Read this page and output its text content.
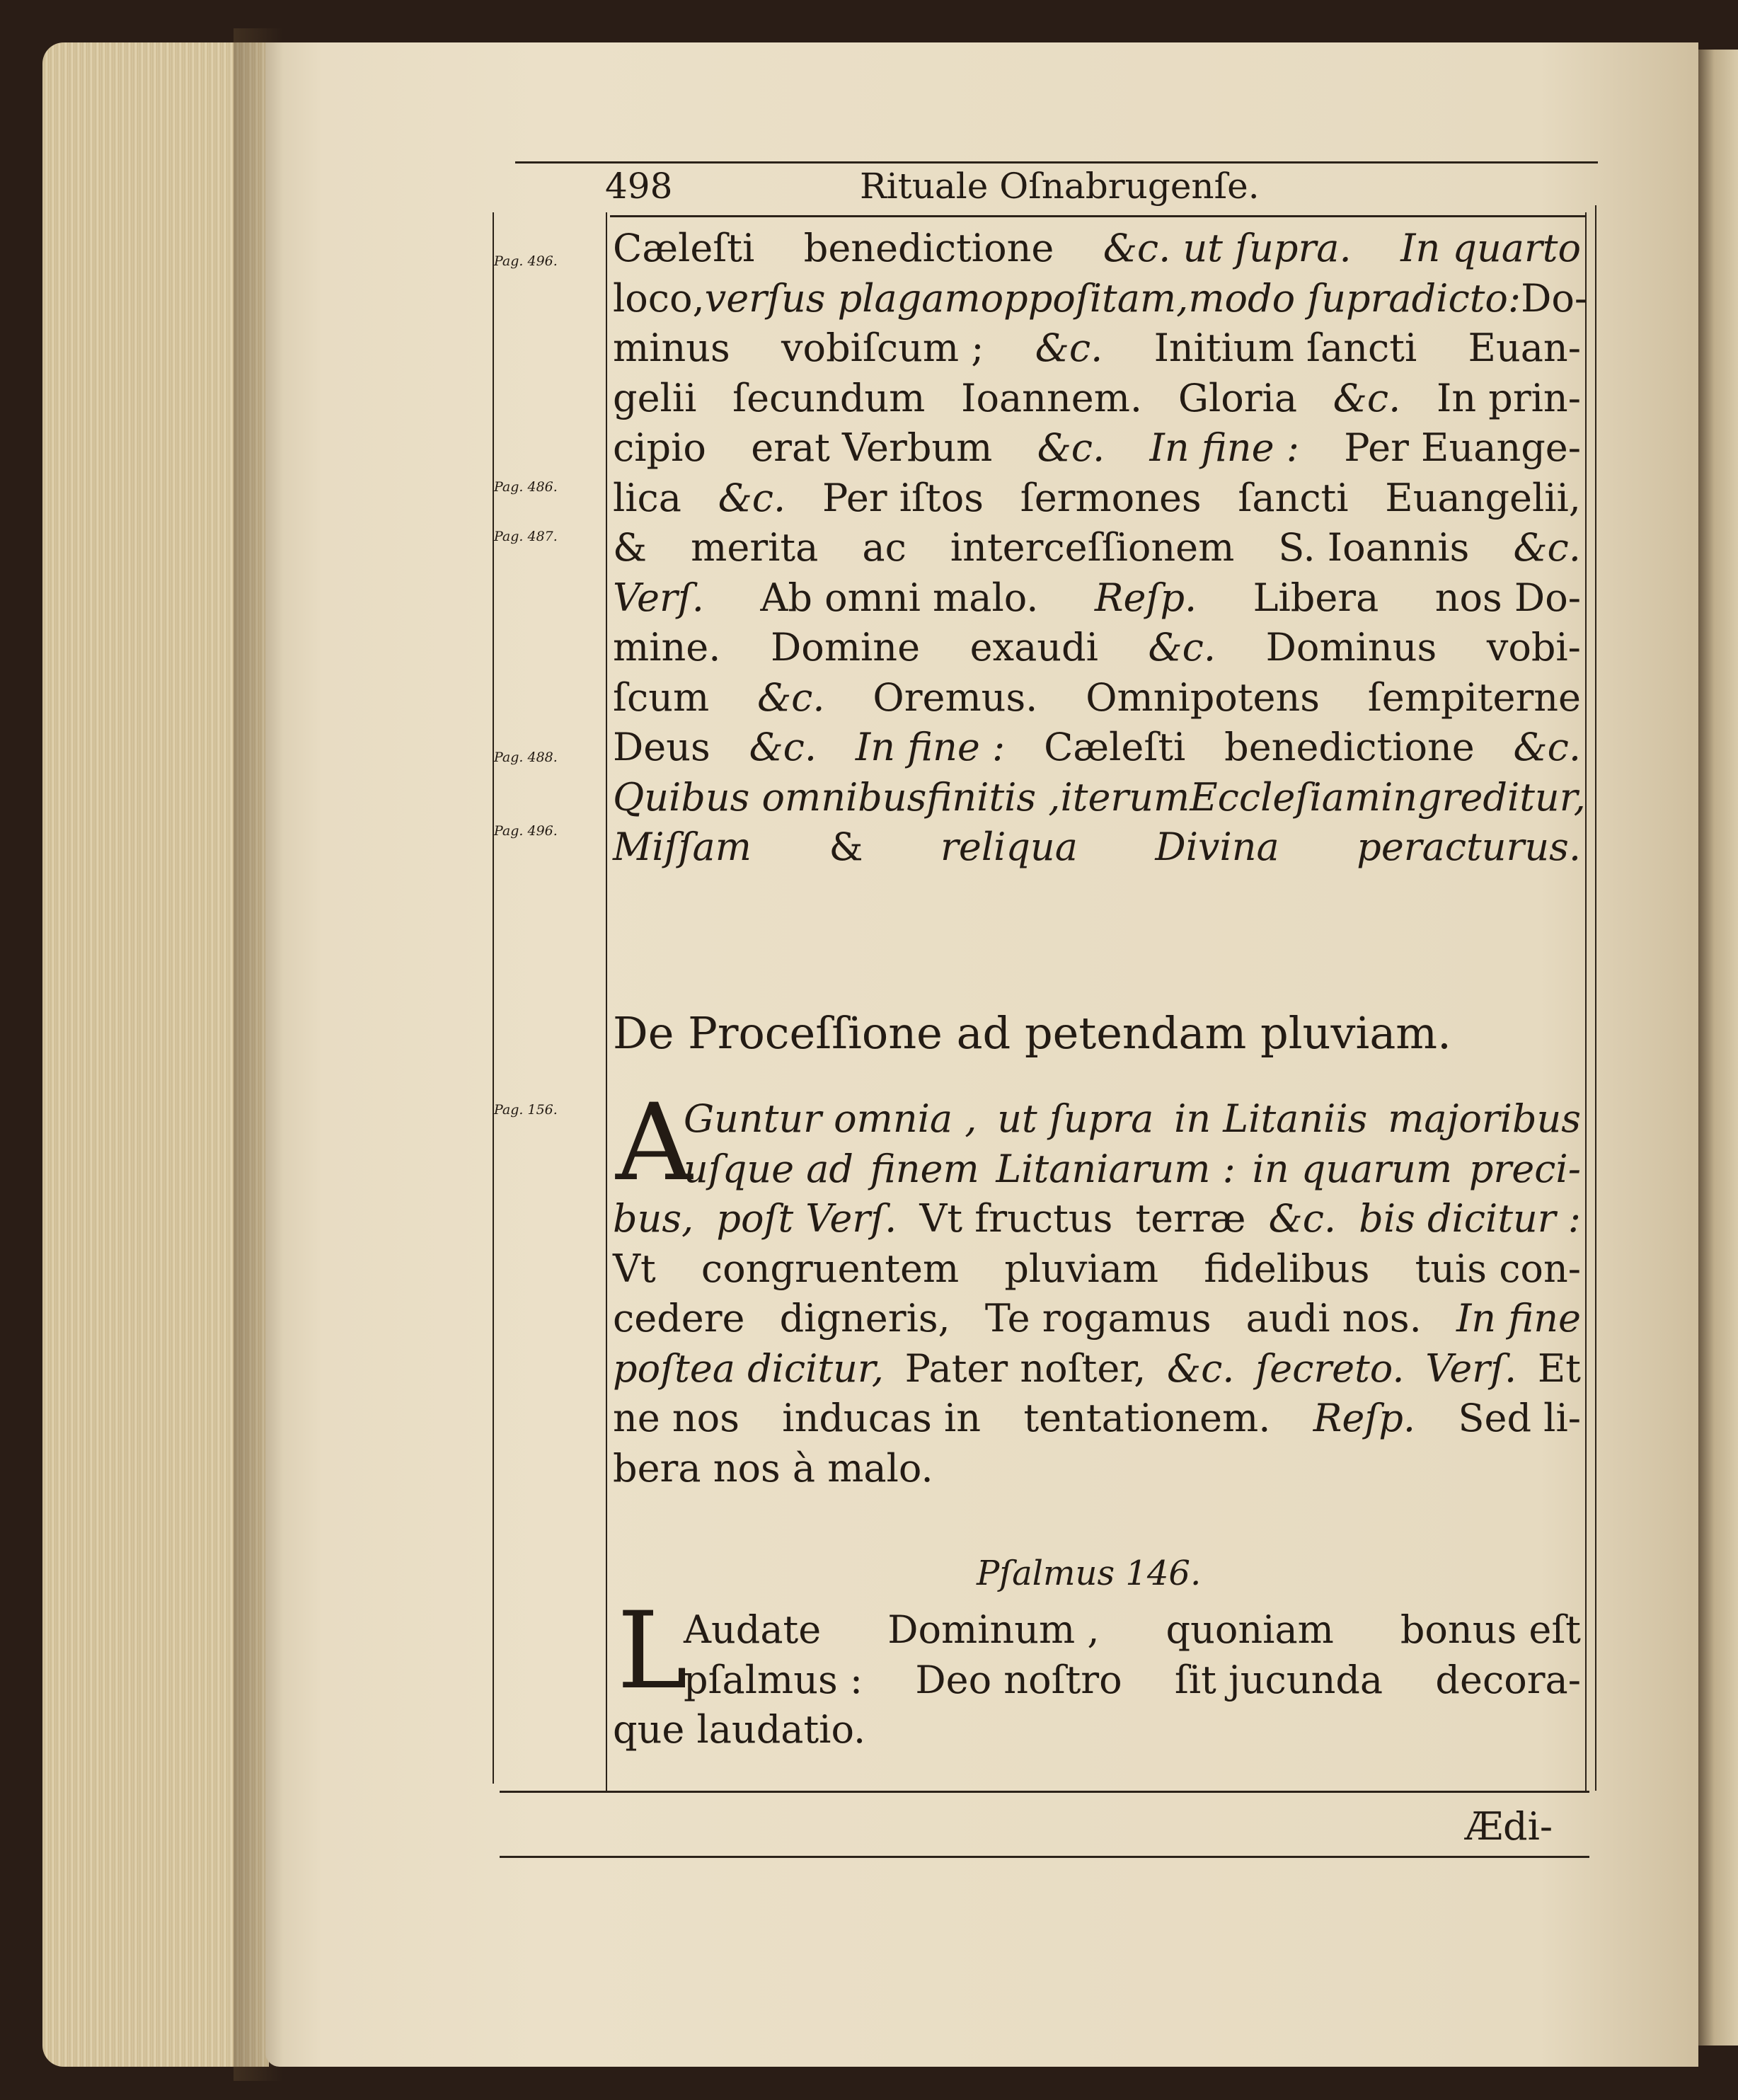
498	Rituale Oſnabrugenſe.
Pag. 496.
Pag. 486.
Pag. 487.
Pag. 488.
Pag. 496.
Pag. 156.
Cæleſti benedictione &c. ut ſupra. In quarto
loco, verſus plagam oppoſitam, modo ſupradicto: Do-
minus vobiſcum ; &c. Initium ſancti Euan-
gelii ſecundum Ioannem. Gloria &c. In prin-
cipio erat Verbum &c. In fine : Per Euange-
lica &c. Per iſtos ſermones ſancti Euangelii,
& merita ac interceſſionem S. Ioannis &c.
Verſ. Ab omni malo. Reſp. Libera nos Do-
mine. Domine exaudi &c. Dominus vobi-
ſcum &c. Oremus. Omnipotens ſempiterne
Deus &c. In fine : Cæleſti benedictione &c.
Quibus omnibus finitis , iterum Eccleſiam ingreditur,
Miſſam & reliqua Divina peracturus.
De Proceſſione ad petendam pluviam.
A
Guntur omnia , ut ſupra in Litaniis majoribus
uſque ad finem Litaniarum : in quarum preci-
bus, poſt Verſ. Vt fructus terræ &c. bis dicitur :
Vt congruentem pluviam fidelibus tuis con-
cedere digneris, Te rogamus audi nos. In fine
poſtea dicitur, Pater noſter, &c. ſecreto. Verſ. Et
ne nos inducas in tentationem. Reſp. Sed li-
bera nos à malo.
Pſalmus 146.
L
Audate Dominum , quoniam bonus eſt
pſalmus : Deo noſtro ſit jucunda decora-
que laudatio.
Ædi-
